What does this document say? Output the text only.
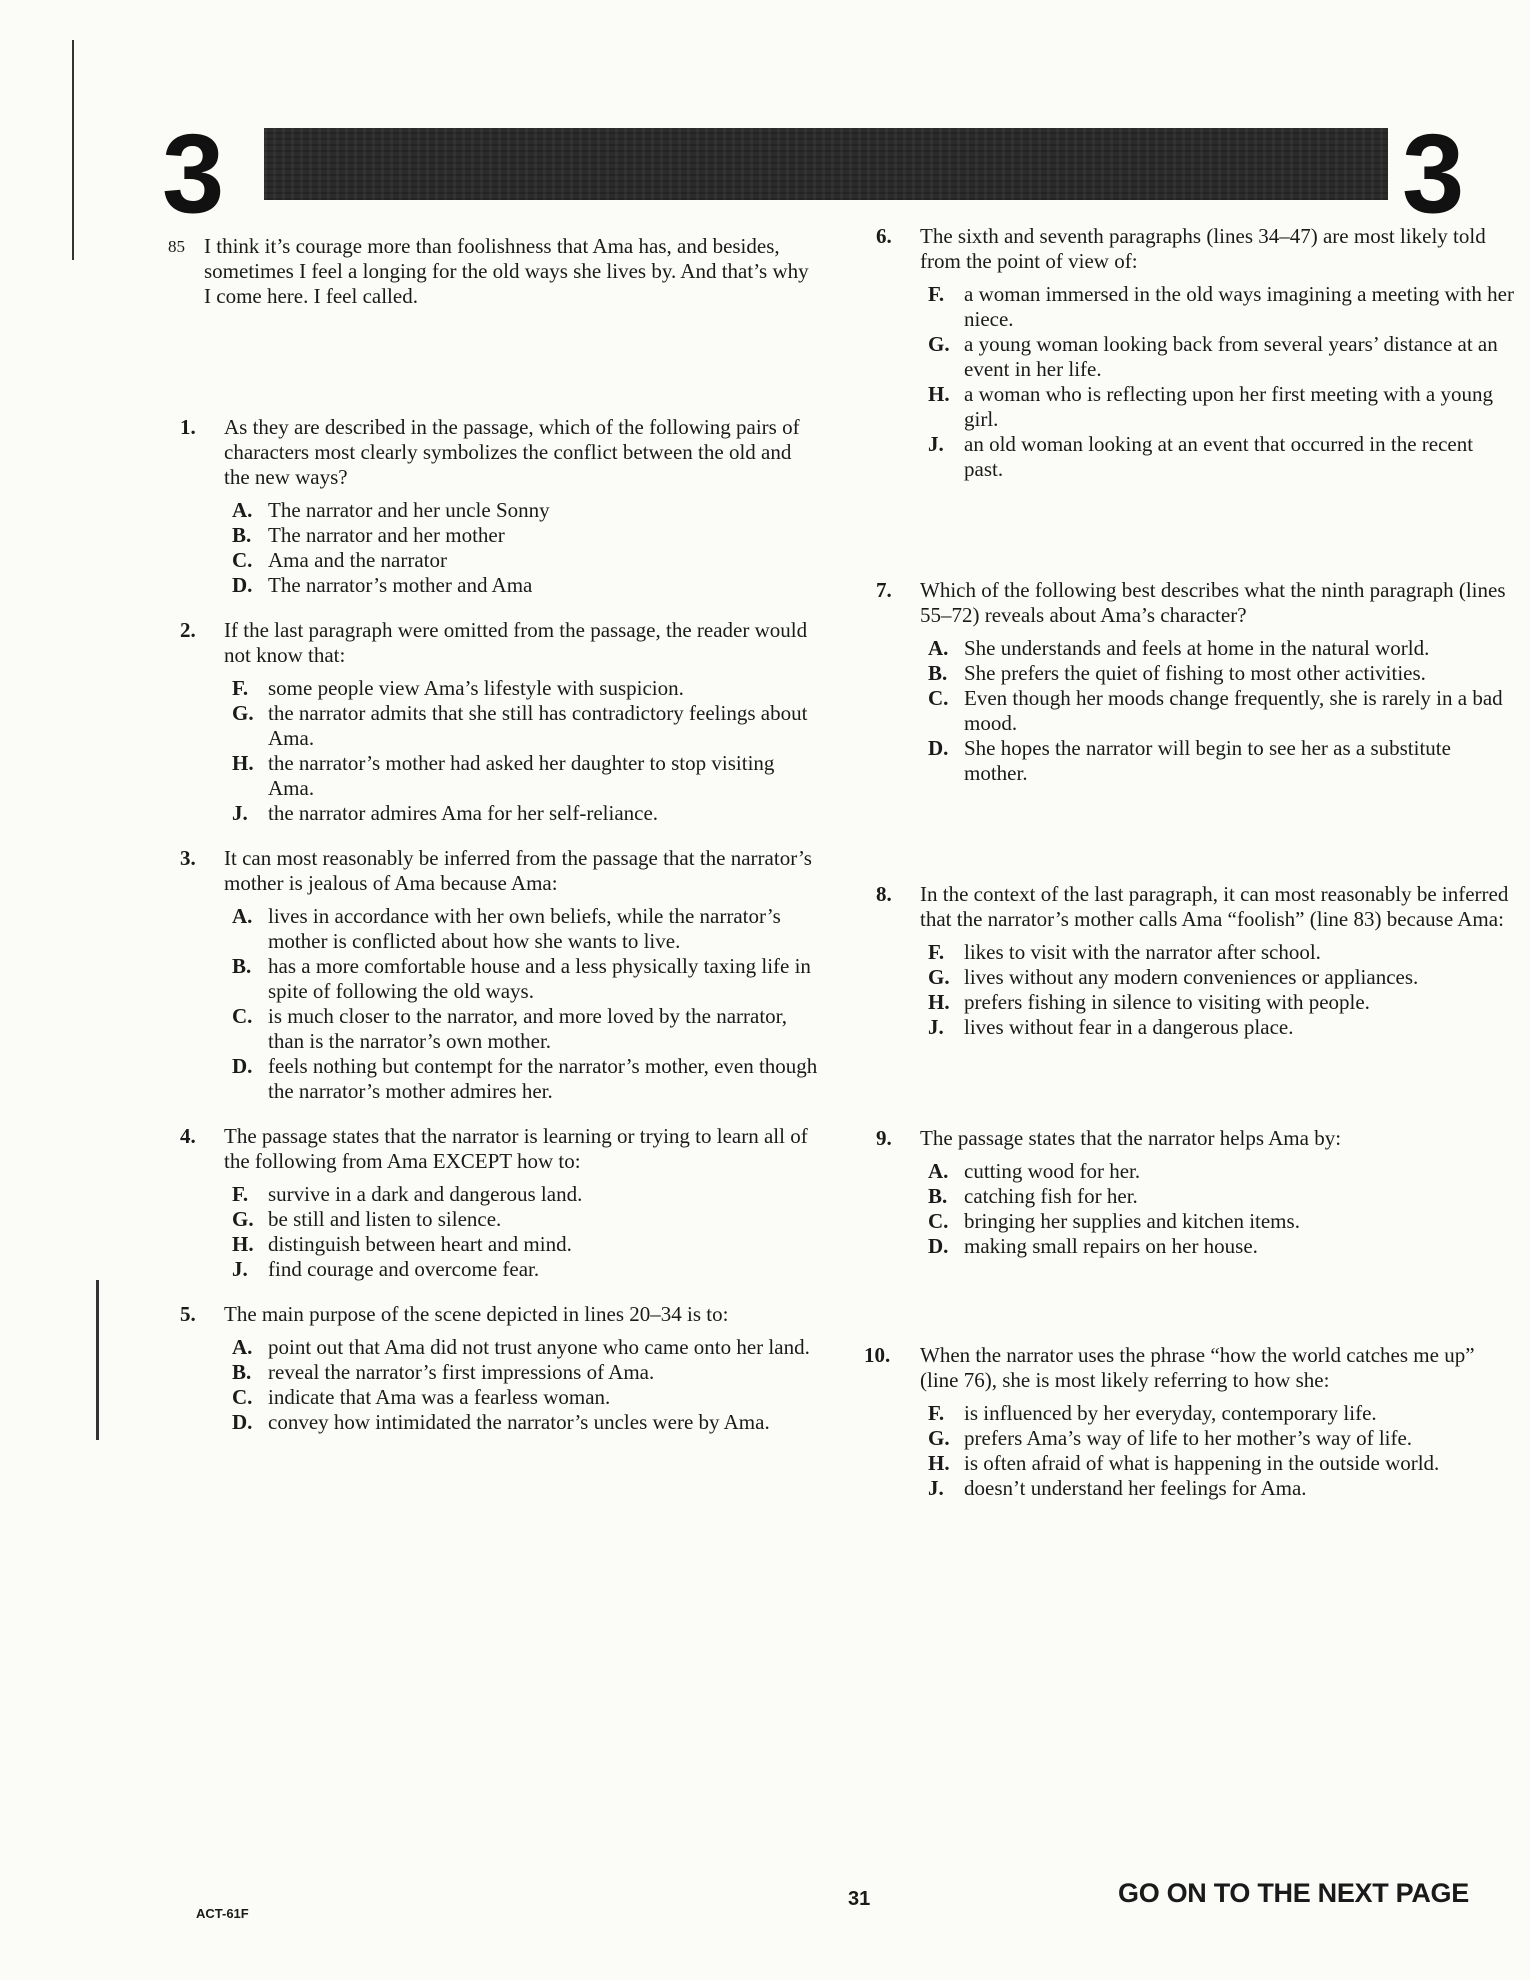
3	3
85 I think it’s courage more than foolishness that Ama has, and besides, sometimes I feel a longing for the old ways she lives by. And that’s why I come here. I feel called.
1. As they are described in the passage, which of the following pairs of characters most clearly symbolizes the conflict between the old and the new ways?
A. The narrator and her uncle Sonny
B. The narrator and her mother
C. Ama and the narrator
D. The narrator’s mother and Ama
2. If the last paragraph were omitted from the passage, the reader would not know that:
F. some people view Ama’s lifestyle with suspicion.
G. the narrator admits that she still has contradictory feelings about Ama.
H. the narrator’s mother had asked her daughter to stop visiting Ama.
J. the narrator admires Ama for her self-reliance.
3. It can most reasonably be inferred from the passage that the narrator’s mother is jealous of Ama because Ama:
A. lives in accordance with her own beliefs, while the narrator’s mother is conflicted about how she wants to live.
B. has a more comfortable house and a less physically taxing life in spite of following the old ways.
C. is much closer to the narrator, and more loved by the narrator, than is the narrator’s own mother.
D. feels nothing but contempt for the narrator’s mother, even though the narrator’s mother admires her.
4. The passage states that the narrator is learning or trying to learn all of the following from Ama EXCEPT how to:
F. survive in a dark and dangerous land.
G. be still and listen to silence.
H. distinguish between heart and mind.
J. find courage and overcome fear.
5. The main purpose of the scene depicted in lines 20–34 is to:
A. point out that Ama did not trust anyone who came onto her land.
B. reveal the narrator’s first impressions of Ama.
C. indicate that Ama was a fearless woman.
D. convey how intimidated the narrator’s uncles were by Ama.
6. The sixth and seventh paragraphs (lines 34–47) are most likely told from the point of view of:
F. a woman immersed in the old ways imagining a meeting with her niece.
G. a young woman looking back from several years’ distance at an event in her life.
H. a woman who is reflecting upon her first meeting with a young girl.
J. an old woman looking at an event that occurred in the recent past.
7. Which of the following best describes what the ninth paragraph (lines 55–72) reveals about Ama’s character?
A. She understands and feels at home in the natural world.
B. She prefers the quiet of fishing to most other activities.
C. Even though her moods change frequently, she is rarely in a bad mood.
D. She hopes the narrator will begin to see her as a substitute mother.
8. In the context of the last paragraph, it can most reasonably be inferred that the narrator’s mother calls Ama “foolish” (line 83) because Ama:
F. likes to visit with the narrator after school.
G. lives without any modern conveniences or appliances.
H. prefers fishing in silence to visiting with people.
J. lives without fear in a dangerous place.
9. The passage states that the narrator helps Ama by:
A. cutting wood for her.
B. catching fish for her.
C. bringing her supplies and kitchen items.
D. making small repairs on her house.
10. When the narrator uses the phrase “how the world catches me up” (line 76), she is most likely referring to how she:
F. is influenced by her everyday, contemporary life.
G. prefers Ama’s way of life to her mother’s way of life.
H. is often afraid of what is happening in the outside world.
J. doesn’t understand her feelings for Ama.
ACT-61F
31	GO ON TO THE NEXT PAGE
